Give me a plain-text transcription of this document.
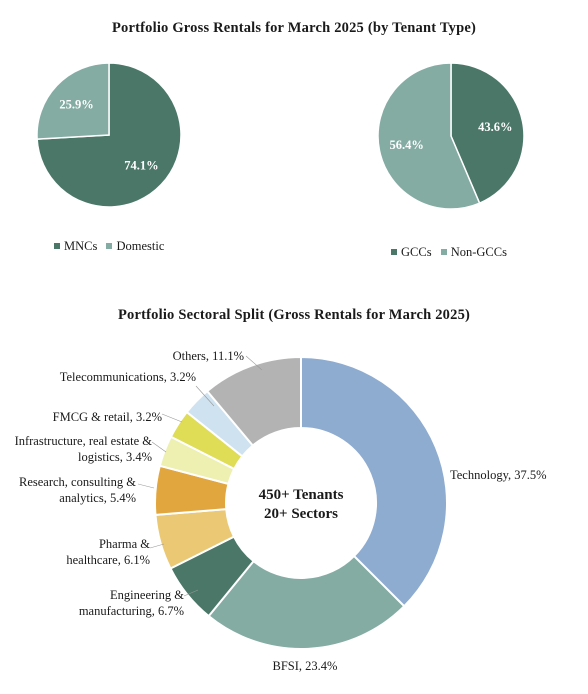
Portfolio Gross Rentals for March 2025 (by Tenant Type)
74.1%
25.9%
43.6%
56.4%
MNCs Domestic	GCCs Non-GCCs
Portfolio Sectoral Split (Gross Rentals for March 2025)
450+ Tenants
20+ Sectors
Others, 11.1%
Telecommunications, 3.2%
FMCG & retail, 3.2%
Infrastructure, real estate & logistics, 3.4%
Research, consulting & analytics, 5.4%
Pharma & healthcare, 6.1%
Engineering & manufacturing, 6.7%
Technology, 37.5%
BFSI, 23.4%
